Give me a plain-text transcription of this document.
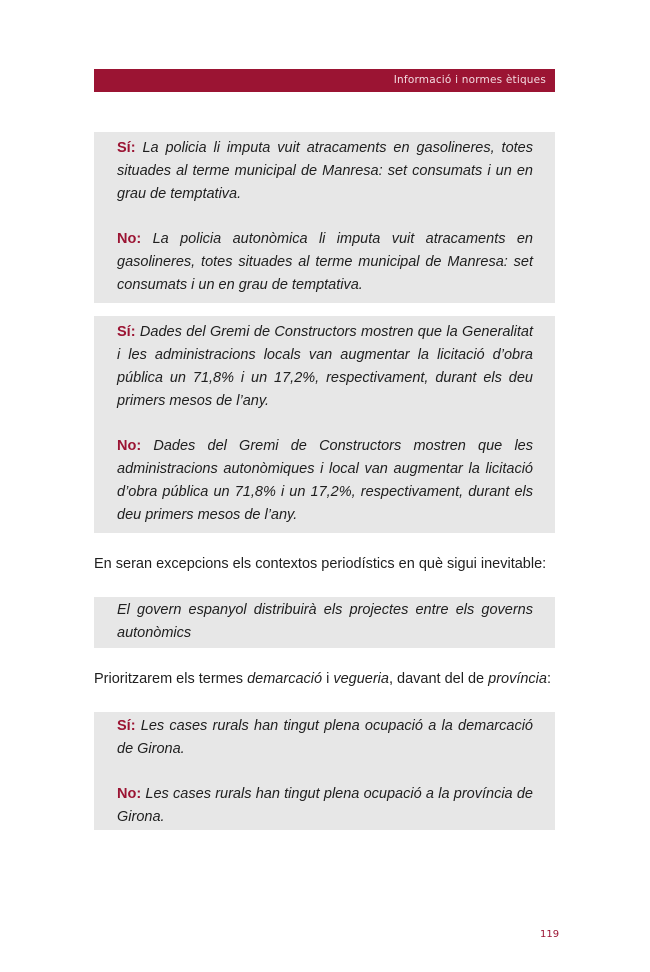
Informació i normes ètiques

Sí: La policia li imputa vuit atracaments en gasolineres, totes situades al terme municipal de Manresa: set consumats i un en grau de temptativa.

No: La policia autonòmica li imputa vuit atracaments en gasolineres, totes situades al terme municipal de Manresa: set consumats i un en grau de temptativa.

Sí: Dades del Gremi de Constructors mostren que la Generalitat i les administracions locals van augmentar la licitació d’obra pública un 71,8% i un 17,2%, respectivament, durant els deu primers mesos de l’any.

No: Dades del Gremi de Constructors mostren que les administracions autonòmiques i local van augmentar la licitació d’obra pública un 71,8% i un 17,2%, respectivament, durant els deu primers mesos de l’any.

En seran excepcions els contextos periodístics en què sigui inevitable:

El govern espanyol distribuirà els projectes entre els governs autonòmics

Prioritzarem els termes demarcació i vegueria, davant del de província:

Sí: Les cases rurals han tingut plena ocupació a la demarcació de Girona.

No: Les cases rurals han tingut plena ocupació a la província de Girona.

119
